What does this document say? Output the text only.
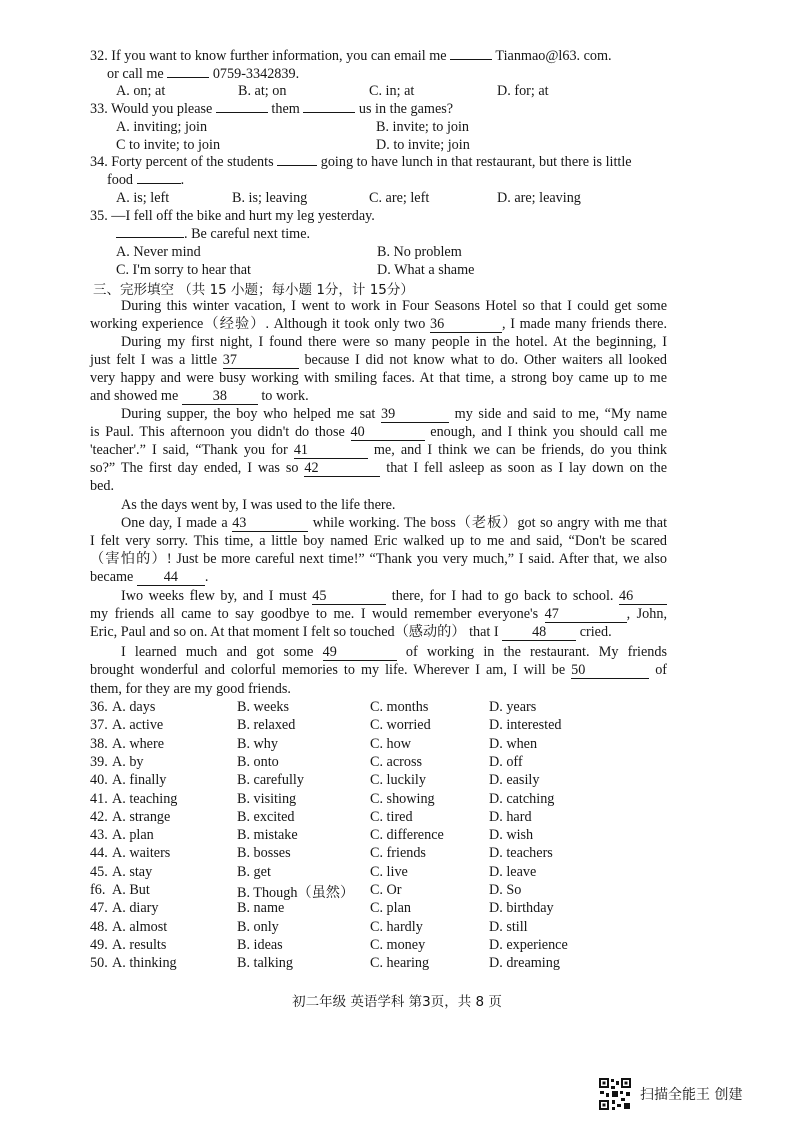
32. If you want to know further information, you can email me	Tianmao@l63. com.
or call me	0759-3342839.
A. on; at	B. at; on	C. in; at	D. for; at
33. Would you please	them	us in the games?
A. inviting; join	B. invite; to join
C to invite; to join	D. to invite; join
34. Forty percent of the students	going to have lunch in that restaurant, but there is little
food	.
A. is; left	B. is; leaving	C. are; left	D. are; leaving
35. —I fell off the bike and hurt my leg yesterday.
. Be careful next time.
A. Never mind	B. No problem
C. I'm sorry to hear that	D. What a shame
三、完形填空 （共 15 小题；每小题 1分，计 15分）
During this winter vacation, I went to work in Four Seasons Hotel so that I could get some
working experience（经验）. Although it took only two 36	, I made many friends there.
During my first night, I found there were so many people in the hotel. At the beginning, I
just felt I was a little 37	because I did not know what to do. Other waiters all looked
very happy and were busy working with smiling faces. At that time, a strong boy came up to me
and showed me 38 to work.
During supper, the boy who helped me sat 39	my side and said to me, “My name
is Paul. This afternoon you didn't do those 40	enough, and I think you should call me
'teacher'.” I said, “Thank you for 41	me, and I think we can be friends, do you think
so?” The first day ended, I was so 42	that I fell asleep as soon as I lay down on the
bed.
As the days went by, I was used to the life there.
One day, I made a 43	while working. The boss（老板）got so angry with me that
I felt very sorry. This time, a little boy named Eric walked up to me and said, “Don't be scared
（害怕的）! Just be more careful next time!” “Thank you very much,” I said. After that, we also
became 44 .
Iwo weeks flew by, and I must 45	there, for I had to go back to school. 46
my friends all came to say goodbye to me. I would remember everyone's 47	, John,
Eric, Paul and so on. At that moment I felt so touched（感动的） that I 48 cried.
I learned much and got some 49	of working in the restaurant. My friends
brought wonderful and colorful memories to my life. Wherever I am, I will be 50	of
them, for they are my good friends.
36. A. days	B. weeks	C. months	D. years
37. A. active	B. relaxed	C. worried	D. interested
38. A. where	B. why	C. how	D. when
39. A. by	B. onto	C. across	D. off
40. A. finally	B. carefully	C. luckily	D. easily
41. A. teaching	B. visiting	C. showing	D. catching
42. A. strange	B. excited	C. tired	D. hard
43. A. plan	B. mistake	C. difference	D. wish
44. A. waiters	B. bosses	C. friends	D. teachers
45. A. stay	B. get	C. live	D. leave
f6. A. But	B. Though（虽然） C. Or	D. So
47. A. diary	B. name	C. plan	D. birthday
48. A. almost	B. only	C. hardly	D. still
49. A. results	B. ideas	C. money	D. experience
50. A. thinking	B. talking	C. hearing	D. dreaming
初二年级 英语学科 第3页，共 8 页
扫描全能王 创建
